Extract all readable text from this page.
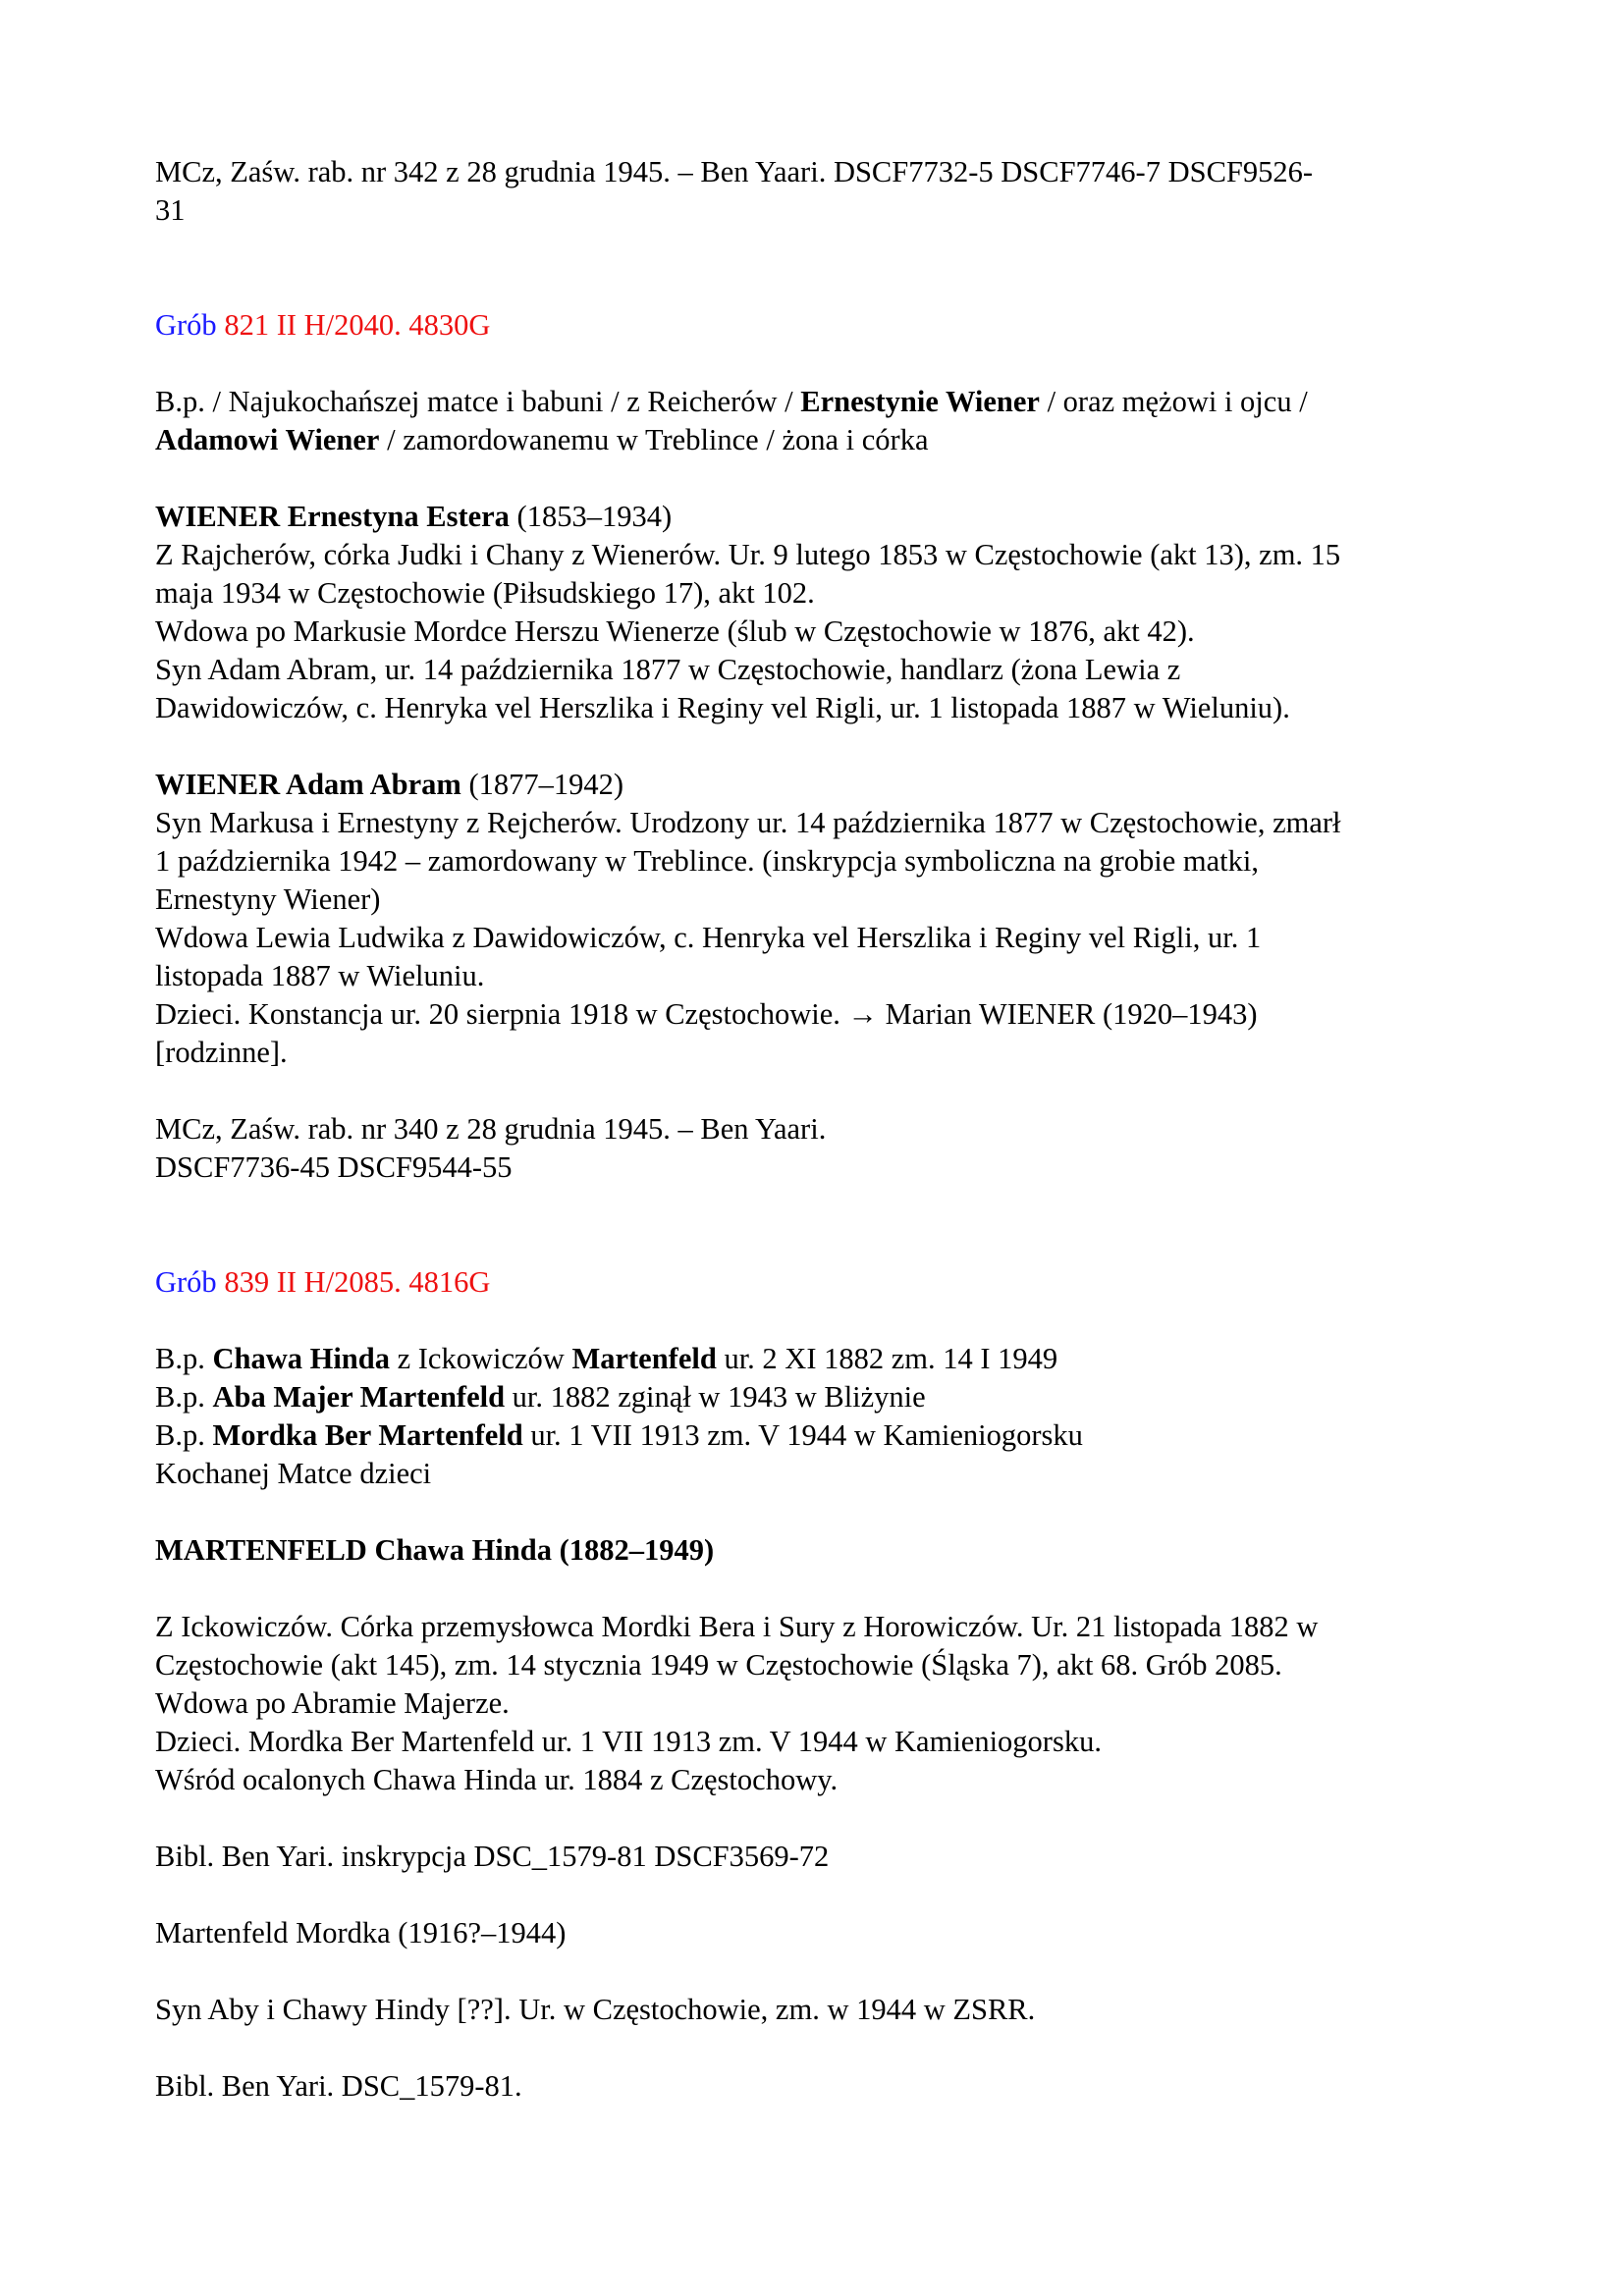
MCz, Zaśw. rab. nr 342 z 28 grudnia 1945. – Ben Yaari. DSCF7732-5 DSCF7746-7 DSCF9526-
31
Grób 821 II H/2040. 4830G
B.p. / Najukochańszej matce i babuni / z Reicherów / Ernestynie Wiener / oraz mężowi i ojcu /
Adamowi Wiener / zamordowanemu w Treblince / żona i córka
WIENER Ernestyna Estera (1853–1934)
Z Rajcherów, córka Judki i Chany z Wienerów. Ur. 9 lutego 1853 w Częstochowie (akt 13), zm. 15
maja 1934 w Częstochowie (Piłsudskiego 17), akt 102.
Wdowa po Markusie Mordce Herszu Wienerze (ślub w Częstochowie w 1876, akt 42).
Syn Adam Abram, ur. 14 października 1877 w Częstochowie, handlarz (żona Lewia z
Dawidowiczów, c. Henryka vel Herszlika i Reginy vel Rigli, ur. 1 listopada 1887 w Wieluniu).
WIENER Adam Abram (1877–1942)
Syn Markusa i Ernestyny z Rejcherów. Urodzony ur. 14 października 1877 w Częstochowie, zmarł
1 października 1942 – zamordowany w Treblince. (inskrypcja symboliczna na grobie matki,
Ernestyny Wiener)
Wdowa Lewia Ludwika z Dawidowiczów, c. Henryka vel Herszlika i Reginy vel Rigli, ur. 1
listopada 1887 w Wieluniu.
Dzieci. Konstancja ur. 20 sierpnia 1918 w Częstochowie. → Marian WIENER (1920–1943)
[rodzinne].
MCz, Zaśw. rab. nr 340 z 28 grudnia 1945. – Ben Yaari.
DSCF7736-45 DSCF9544-55
Grób 839 II H/2085. 4816G
B.p. Chawa Hinda z Ickowiczów Martenfeld ur. 2 XI 1882 zm. 14 I 1949
B.p. Aba Majer Martenfeld ur. 1882 zginął w 1943 w Bliżynie
B.p. Mordka Ber Martenfeld ur. 1 VII 1913 zm. V 1944 w Kamieniogorsku
Kochanej Matce dzieci
MARTENFELD Chawa Hinda (1882–1949)
Z Ickowiczów. Córka przemysłowca Mordki Bera i Sury z Horowiczów. Ur. 21 listopada 1882 w
Częstochowie (akt 145), zm. 14 stycznia 1949 w Częstochowie (Śląska 7), akt 68. Grób 2085.
Wdowa po Abramie Majerze.
Dzieci. Mordka Ber Martenfeld ur. 1 VII 1913 zm. V 1944 w Kamieniogorsku.
Wśród ocalonych Chawa Hinda ur. 1884 z Częstochowy.
Bibl. Ben Yari. inskrypcja DSC_1579-81 DSCF3569-72
Martenfeld Mordka (1916?–1944)
Syn Aby i Chawy Hindy [??]. Ur. w Częstochowie, zm. w 1944 w ZSRR.
Bibl. Ben Yari. DSC_1579-81.
